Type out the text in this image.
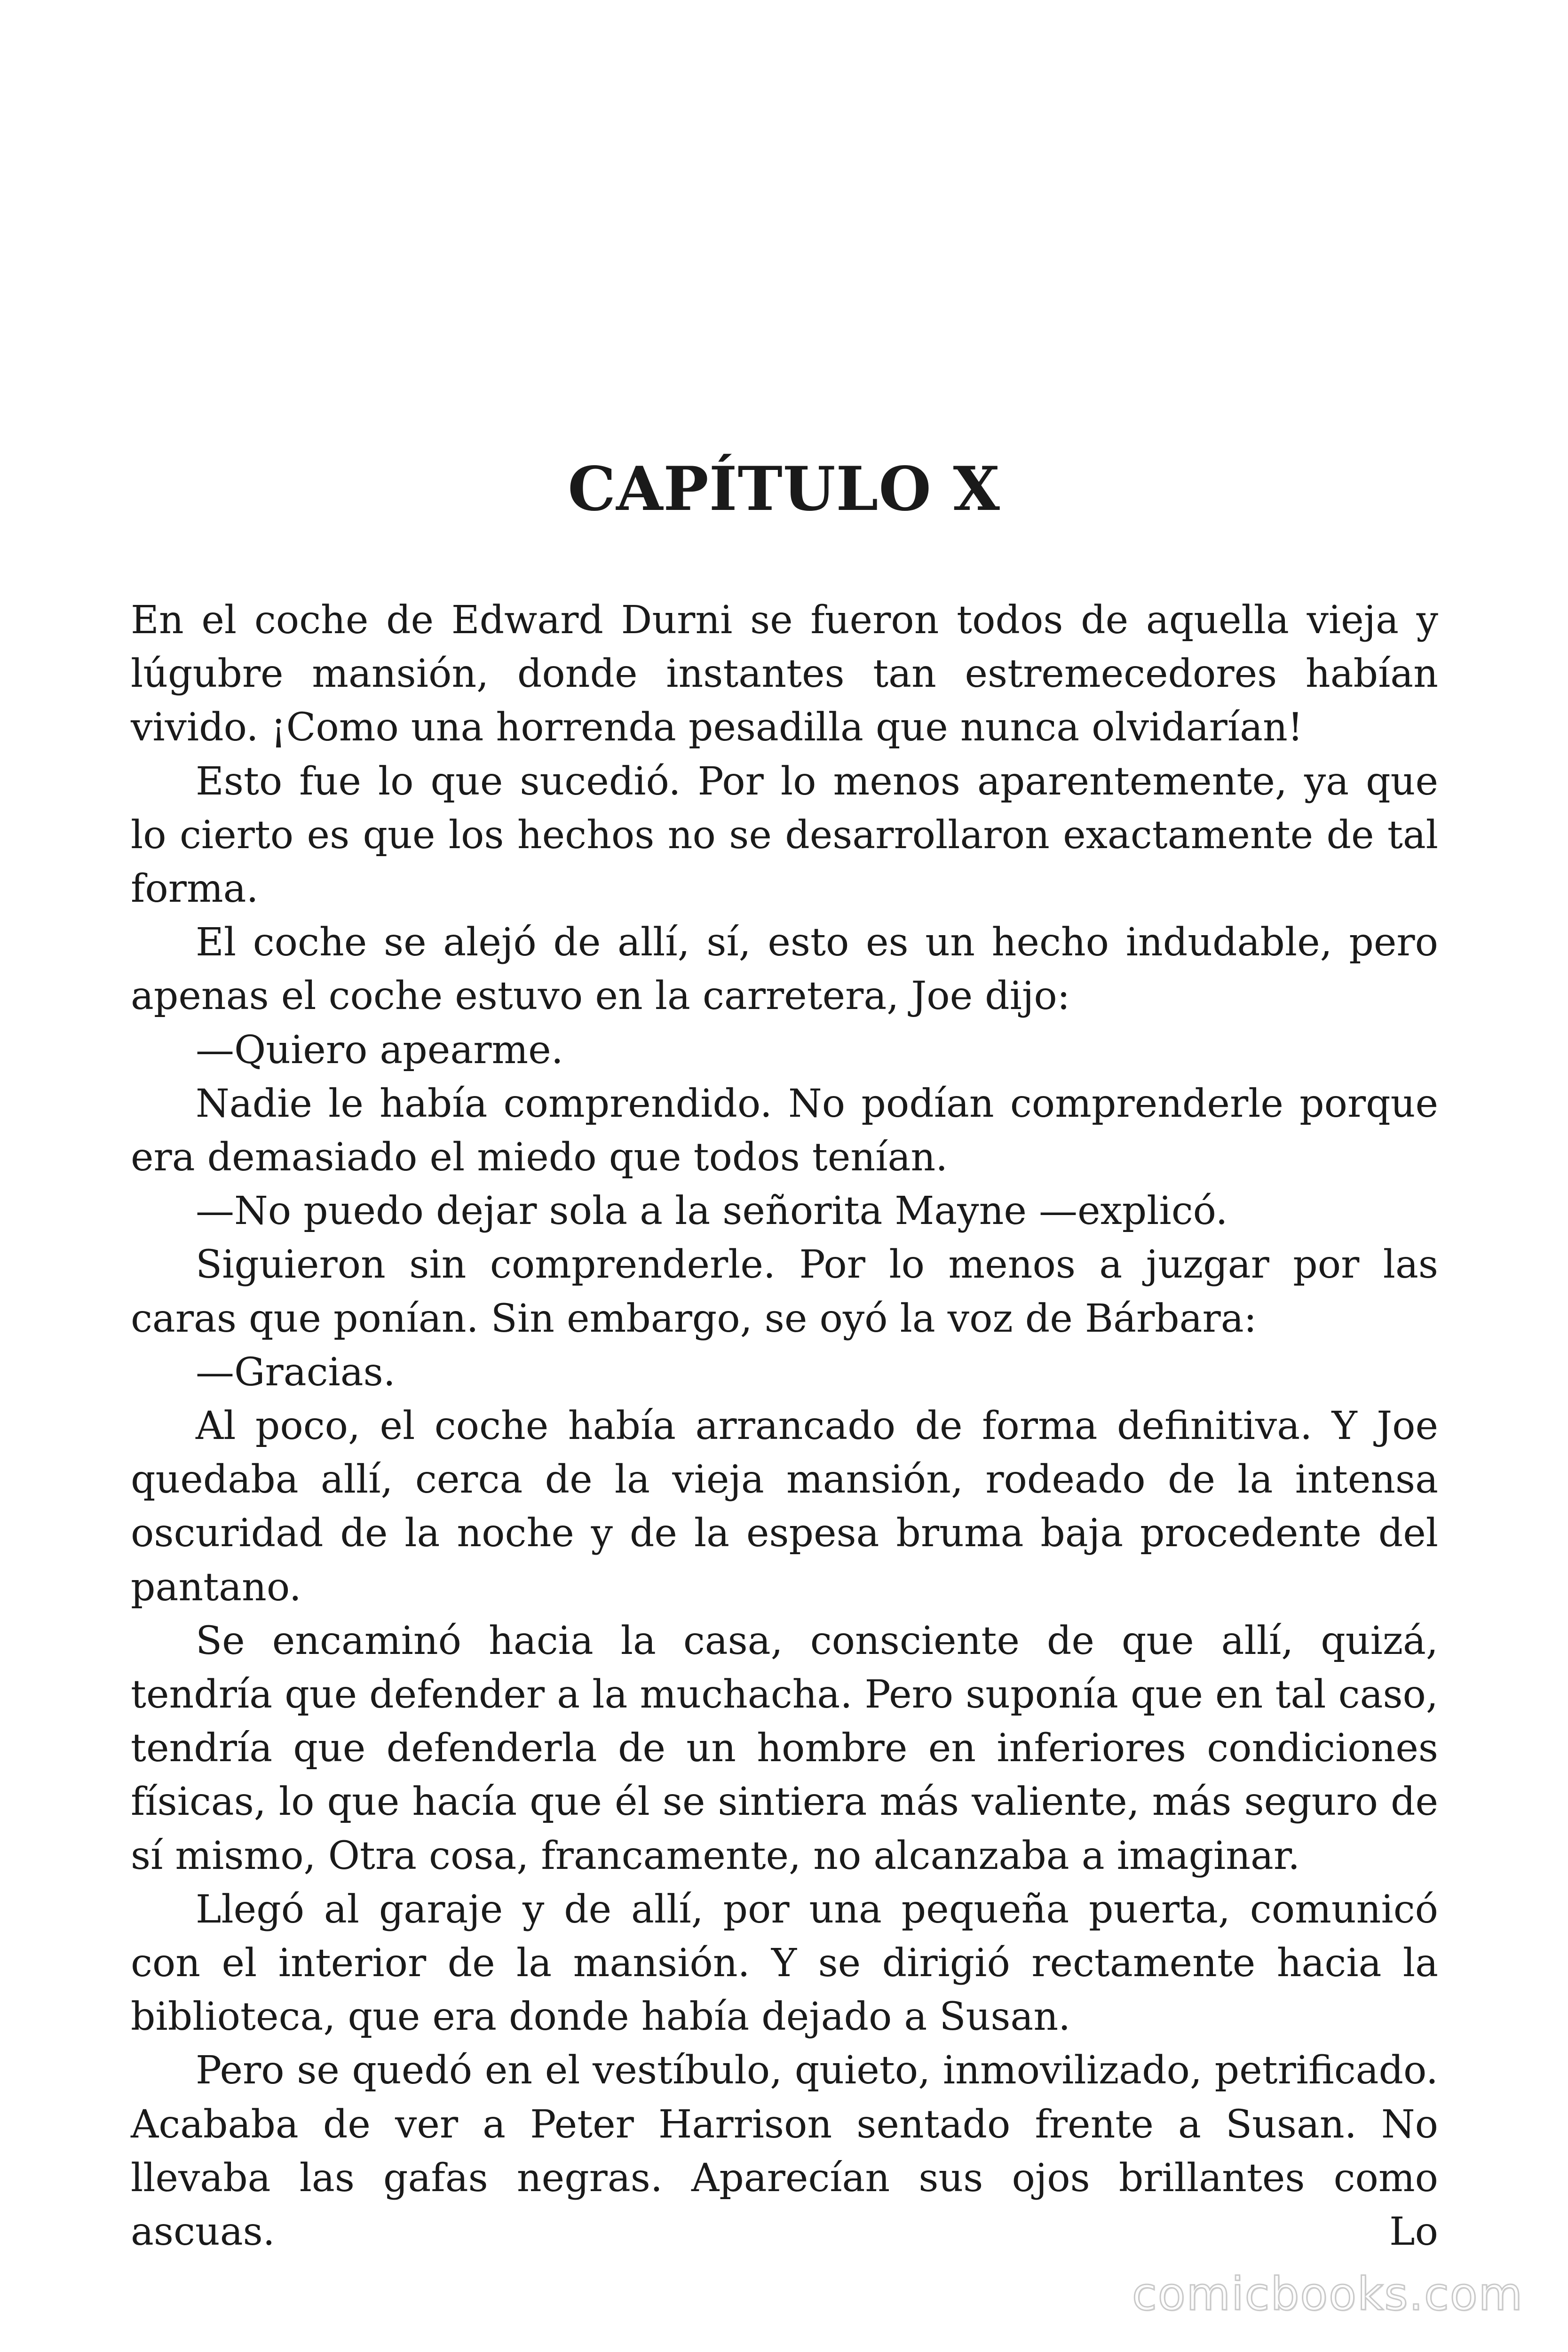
CAPÍTULO X

En el coche de Edward Durni se fueron todos de aquella vieja y lúgubre mansión, donde instantes tan estremecedores habían vivido. ¡Como una horrenda pesadilla que nunca olvidarían!

Esto fue lo que sucedió. Por lo menos aparentemente, ya que lo cierto es que los hechos no se desarrollaron exactamente de tal forma.

El coche se alejó de allí, sí, esto es un hecho indudable, pero apenas el coche estuvo en la carretera, Joe dijo:

—Quiero apearme.

Nadie le había comprendido. No podían comprenderle porque era demasiado el miedo que todos tenían.

—No puedo dejar sola a la señorita Mayne —explicó.

Siguieron sin comprenderle. Por lo menos a juzgar por las caras que ponían. Sin embargo, se oyó la voz de Bárbara:

—Gracias.

Al poco, el coche había arrancado de forma definitiva. Y Joe quedaba allí, cerca de la vieja mansión, rodeado de la intensa oscuridad de la noche y de la espesa bruma baja procedente del pantano.

Se encaminó hacia la casa, consciente de que allí, quizá, tendría que defender a la muchacha. Pero suponía que en tal caso, tendría que defenderla de un hombre en inferiores condiciones físicas, lo que hacía que él se sintiera más valiente, más seguro de sí mismo, Otra cosa, francamente, no alcanzaba a imaginar.

Llegó al garaje y de allí, por una pequeña puerta, comunicó con el interior de la mansión. Y se dirigió rectamente hacia la biblioteca, que era donde había dejado a Susan.

Pero se quedó en el vestíbulo, quieto, inmovilizado, petrificado. Acababa de ver a Peter Harrison sentado frente a Susan. No llevaba las gafas negras. Aparecían sus ojos brillantes como ascuas. Lo

comicbooks.com
